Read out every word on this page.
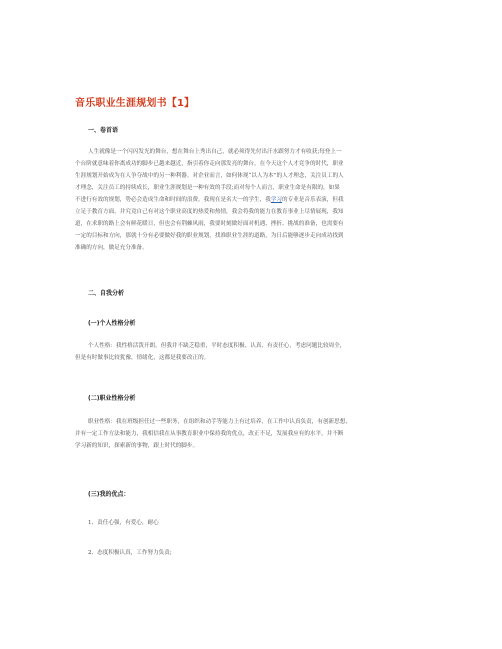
音乐职业生涯规划书【1】
一、卷首语
人生就像是一个闪闪发光的舞台，想在舞台上秀出自己，就必须得先付出汗水跟努力才有收获;每登上一
个台阶就意味着你离成功的脚步已越来越近，指引着你走向那发亮的舞台。在今天这个人才竞争的时代，职业
生涯规划开始成为在人争夺战中的另一种利器。对企业而言，如何体现“以人为本”的人才理念，关注员工的人
才理念，关注员工的持续成长，职业生涯规划是一种有效的手段;而对每个人而言，职业生命是有限的，如果
不进行有效的规划，势必会造成生命和时间的浪费。我现在是名大一的学生，我学习的专业是音乐表演，但我
立足于教育方面，并究竟自己有对这个职业高度的热爱和热情，我会将我的能力在教育事业上尽情展现，我知
道，在求职的路上会有鲜花暖日，但也会有荆棘风雨，我要时刻做好面对机遇、挫折、挑战的准备，也需要有
一定的目标和方向，那就十分有必要做好我的职业规划，找准职业生涯的道路，为日后能够逐步走向成功找到
准确的方向，做足充分准备。
二、自我分析
(一)个人性格分析
个人性格：我性格活泼开朗，但我并不缺乏稳重，平时态度积极、认真，有责任心，考虑问题比较周全，
但是有时做事比较犹豫，情绪化，这都是我要改正的。
(二)职业性格分析
职业性格：我在班级担任过一些职务，在组织和动手等能力上有过培养，在工作中认真负责，有创新思想，
并有一定工作方法和能力，我相信我在从事教育职业中保持我的优点，改正不足，发展我应有的水平，并不断
学习新的知识，探索新的事物，跟上时代的脚步。
(三)我的优点：
1、责任心强，有爱心，耐心
2、态度积极认真，工作努力负责;
